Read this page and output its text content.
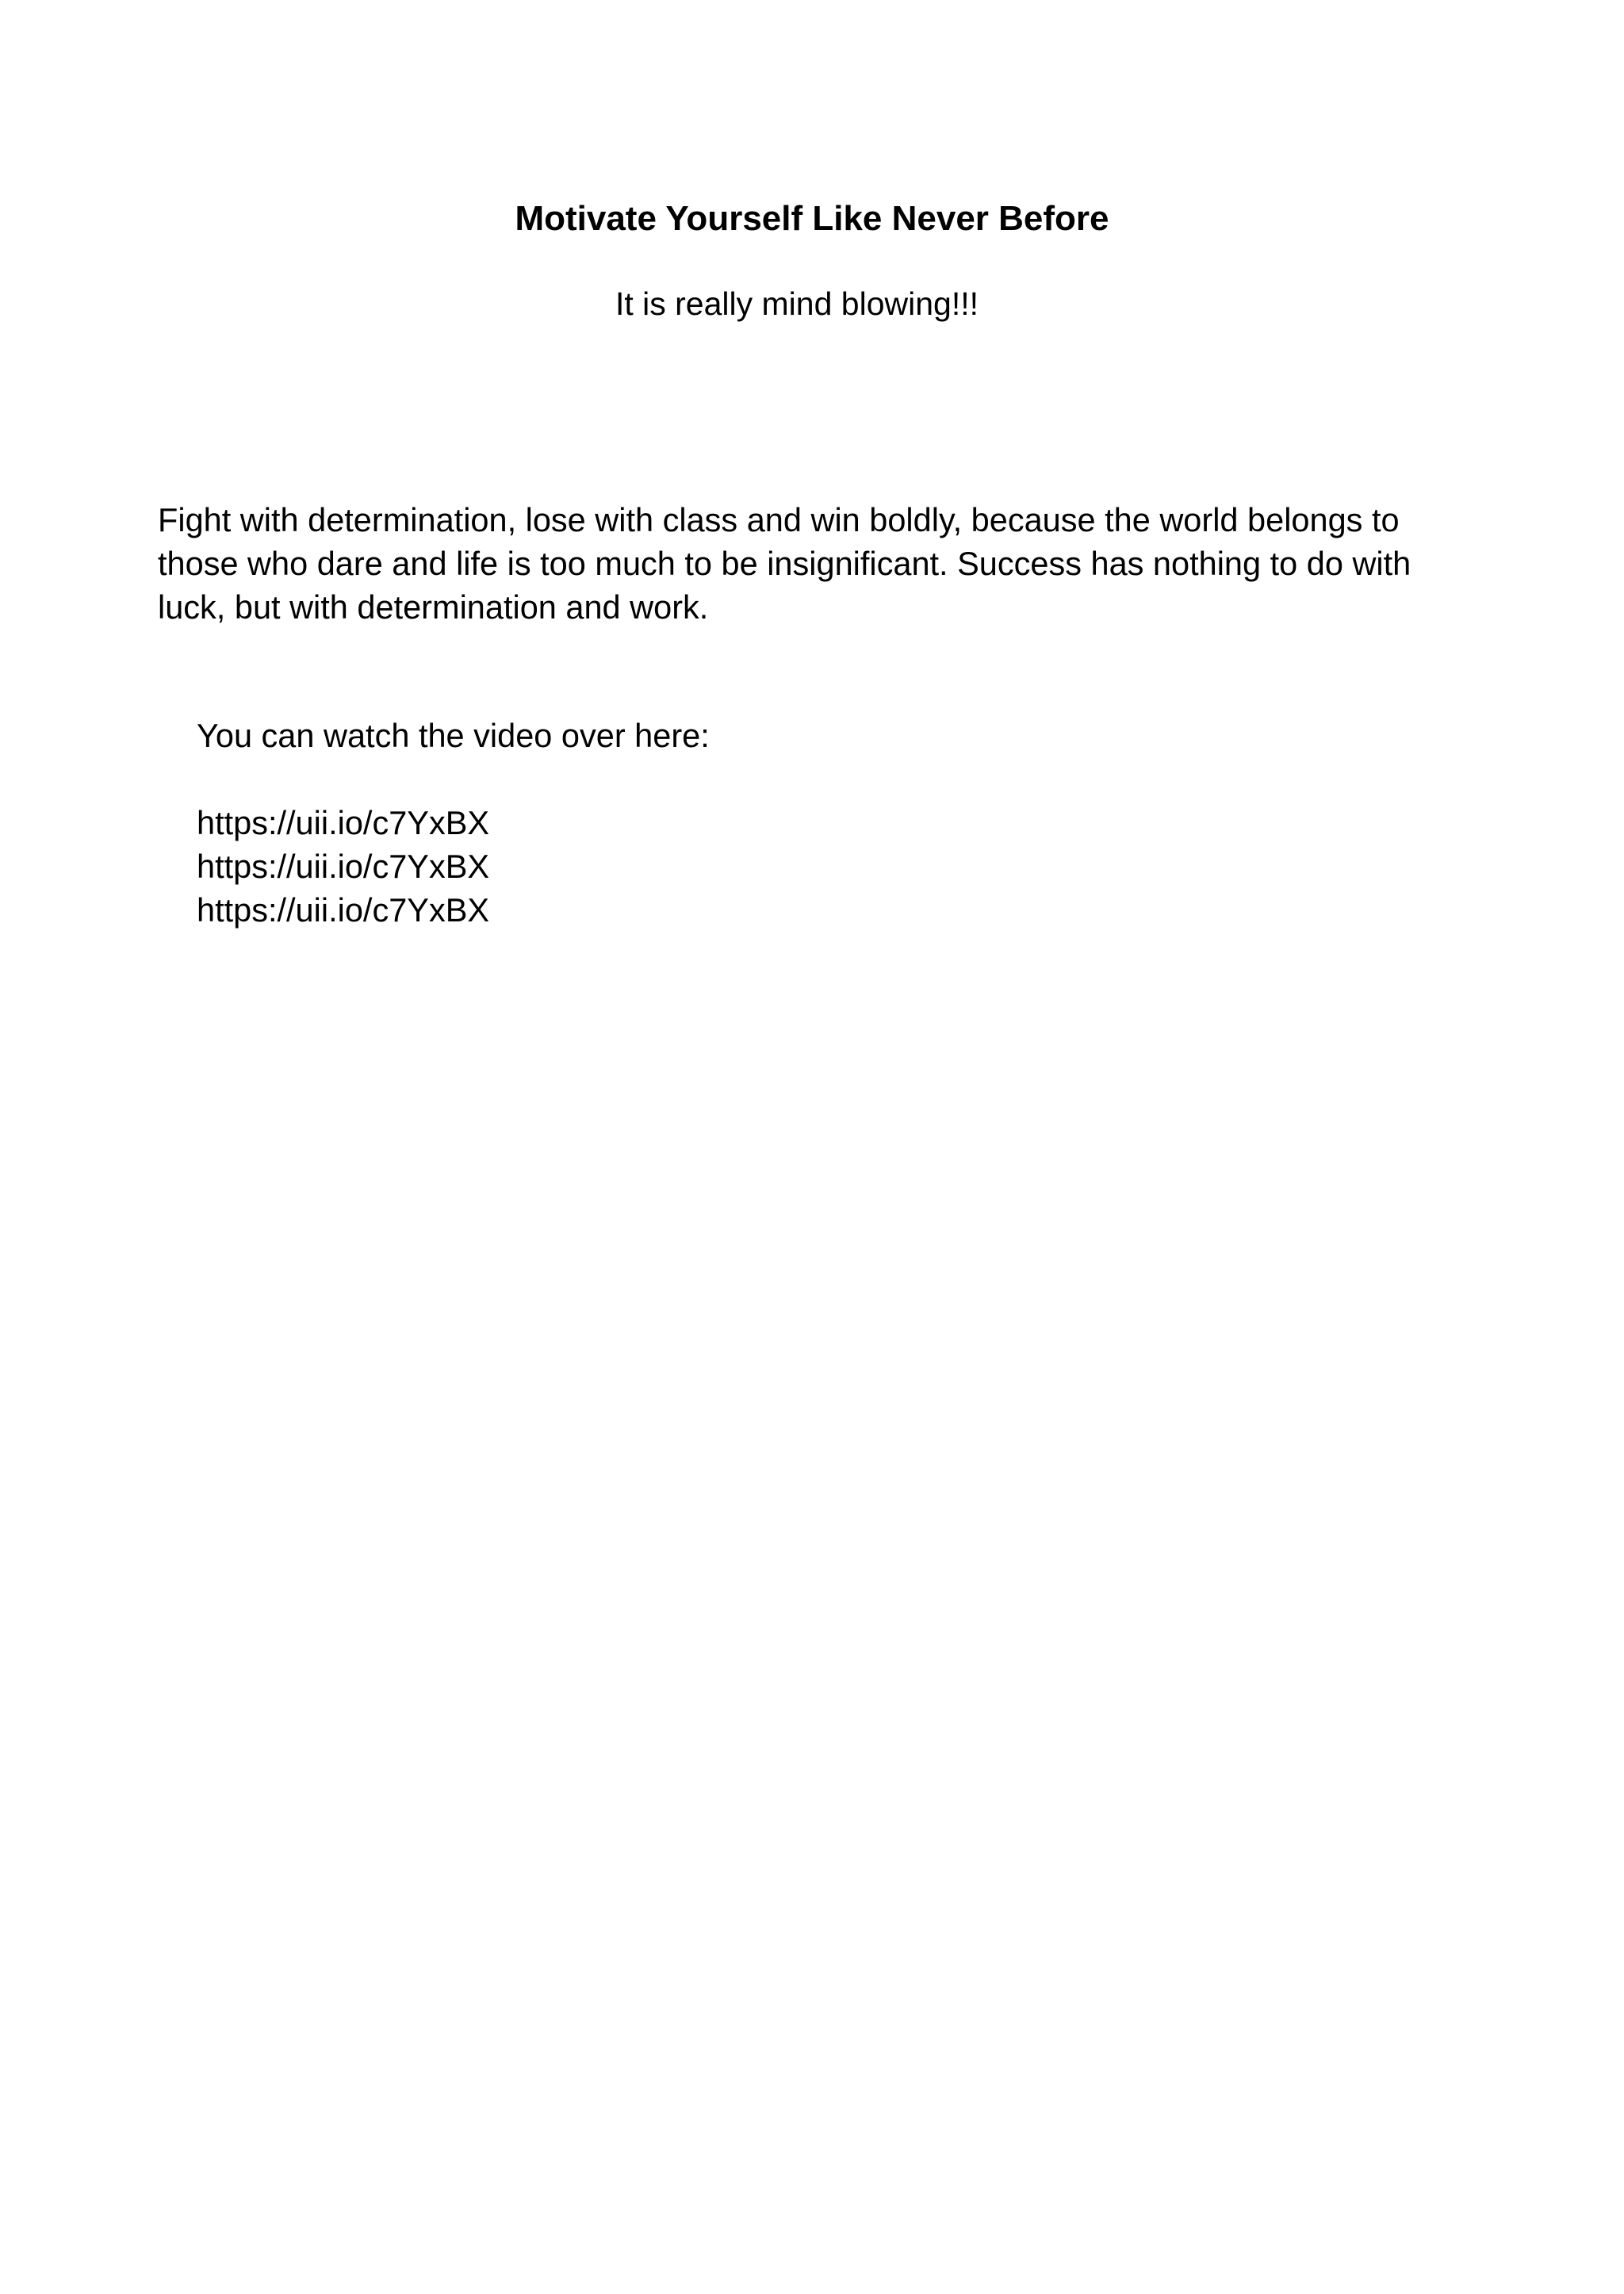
Motivate Yourself Like Never Before

It is really mind blowing!!!

Fight with determination, lose with class and win boldly, because the world belongs to those who dare and life is too much to be insignificant. Success has nothing to do with luck, but with determination and work.

You can watch the video over here:

https://uii.io/c7YxBX
https://uii.io/c7YxBX
https://uii.io/c7YxBX
